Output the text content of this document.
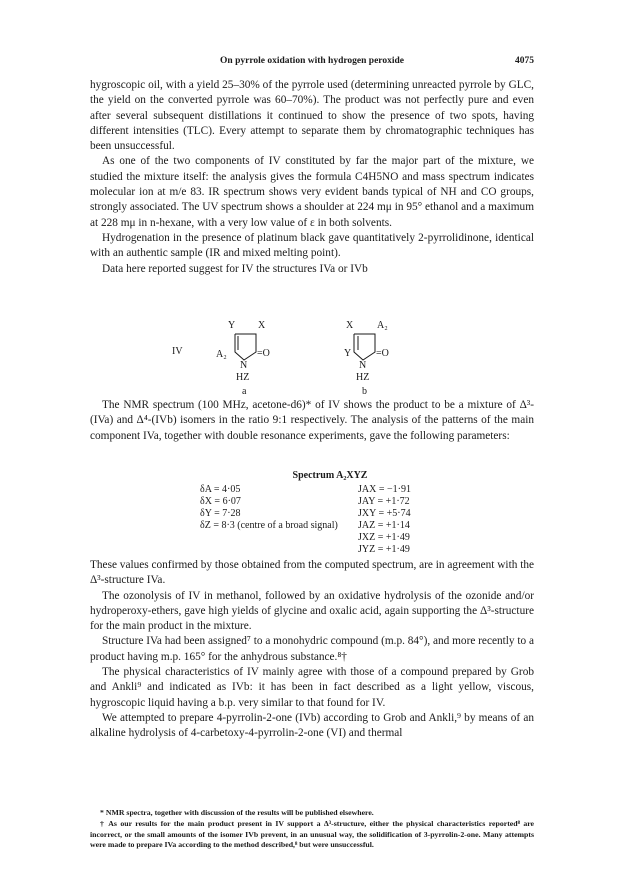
On pyrrole oxidation with hydrogen peroxide	4075

hygroscopic oil, with a yield 25–30% of the pyrrole used (determining unreacted pyrrole by GLC, the yield on the converted pyrrole was 60–70%). The product was not perfectly pure and even after several subsequent distillations it continued to show the presence of two spots, having different intensities (TLC). Every attempt to separate them by chromatographic techniques has been unsuccessful.

As one of the two components of IV constituted by far the major part of the mixture, we studied the mixture itself: the analysis gives the formula C4H5NO and mass spectrum indicates molecular ion at m/e 83. IR spectrum shows very evident bands typical of NH and CO groups, strongly associated. The UV spectrum shows a shoulder at 224 mμ in 95° ethanol and a maximum at 228 mμ in n-hexane, with a very low value of ε in both solvents.

Hydrogenation in the presence of platinum black gave quantitatively 2-pyrrolidinone, identical with an authentic sample (IR and mixed melting point).

Data here reported suggest for IV the structures IVa or IVb

IV
Y X
A₂	=O
N
HZ
a
X A₂
Y =O
N
HZ
b

The NMR spectrum (100 MHz, acetone-d6)* of IV shows the product to be a mixture of Δ³-(IVa) and Δ⁴-(IVb) isomers in the ratio 9:1 respectively. The analysis of the patterns of the main component IVa, together with double resonance experiments, gave the following parameters:

Spectrum A₂XYZ
δA = 4·05
δX = 6·07
δY = 7·28
δZ = 8·3 (centre of a broad signal)
JAX = −1·91
JAY = +1·72
JXY = +5·74
JAZ = +1·14
JXZ = +1·49
JYZ = +1·49

These values confirmed by those obtained from the computed spectrum, are in agreement with the Δ³-structure IVa.

The ozonolysis of IV in methanol, followed by an oxidative hydrolysis of the ozonide and/or hydroperoxy-ethers, gave high yields of glycine and oxalic acid, again supporting the Δ³-structure for the main product in the mixture.

Structure IVa had been assigned⁷ to a monohydric compound (m.p. 84°), and more recently to a product having m.p. 165° for the anhydrous substance.⁸†

The physical characteristics of IV mainly agree with those of a compound prepared by Grob and Ankli⁹ and indicated as IVb: it has been in fact described as a light yellow, viscous, hygroscopic liquid having a b.p. very similar to that found for IV.

We attempted to prepare 4-pyrrolin-2-one (IVb) according to Grob and Ankli,⁹ by means of an alkaline hydrolysis of 4-carbetoxy-4-pyrrolin-2-one (VI) and thermal

* NMR spectra, together with discussion of the results will be published elsewhere.

† As our results for the main product present in IV support a Δ³-structure, either the physical characteristics reported⁸ are incorrect, or the small amounts of the isomer IVb prevent, in an unusual way, the solidification of 3-pyrrolin-2-one. Many attempts were made to prepare IVa according to the method described,⁸ but were unsuccessful.
